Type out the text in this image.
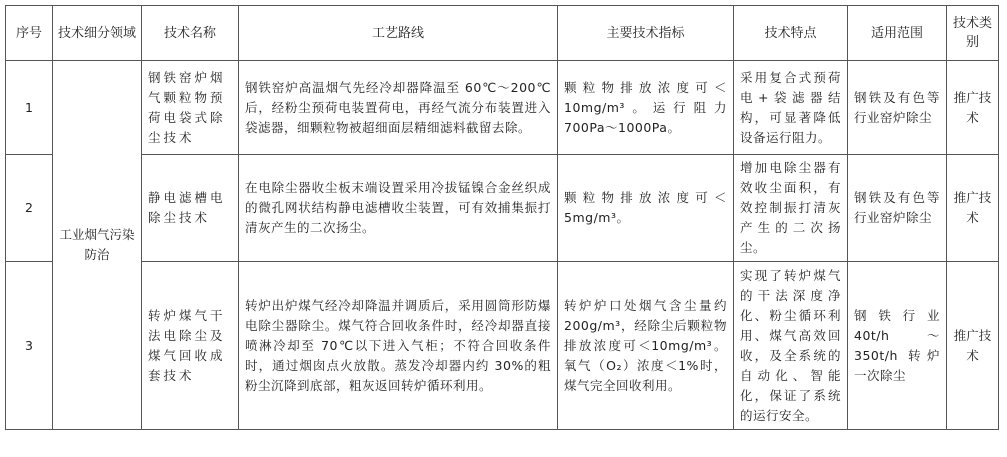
序号	技术细分领域	技术名称	工艺路线	主要技术指标	技术特点	适用范围	技术类别
1	工业烟气污染防治	钢铁窑炉烟气颗粒物预荷电袋式除尘技术	钢铁窑炉高温烟气先经冷却器降温至 60℃～200℃后，经粉尘预荷电装置荷电，再经气流分布装置进入袋滤器，细颗粒物被超细面层精细滤料截留去除。	颗粒物排放浓度可＜10mg/m³。运行阻力700Pa～1000Pa。	采用复合式预荷电+袋滤器结构，可显著降低设备运行阻力。	钢铁及有色等行业窑炉除尘	推广技术
2		静电滤槽电除尘技术	在电除尘器收尘板末端设置采用冷拔锰镍合金丝织成的微孔网状结构静电滤槽收尘装置，可有效捕集振打清灰产生的二次扬尘。	颗粒物排放浓度可＜5mg/m³。	增加电除尘器有效收尘面积，有效控制振打清灰产生的二次扬尘。	钢铁及有色等行业窑炉除尘	推广技术
3		转炉煤气干法电除尘及煤气回收成套技术	转炉出炉煤气经冷却降温并调质后，采用圆筒形防爆电除尘器除尘。煤气符合回收条件时，经冷却器直接喷淋冷却至 70℃以下进入气柜；不符合回收条件时，通过烟囱点火放散。蒸发冷却器内约 30%的粗粉尘沉降到底部，粗灰返回转炉循环利用。	转炉炉口处烟气含尘量约 200g/m³，经除尘后颗粒物排放浓度可＜10mg/m³。氧气（O₂）浓度＜1%时，煤气完全回收利用。	实现了转炉煤气的干法深度净化、粉尘循环利用、煤气高效回收，及全系统的自动化、智能化，保证了系统的运行安全。	钢铁行业40t/h～350t/h 转炉一次除尘	推广技术
